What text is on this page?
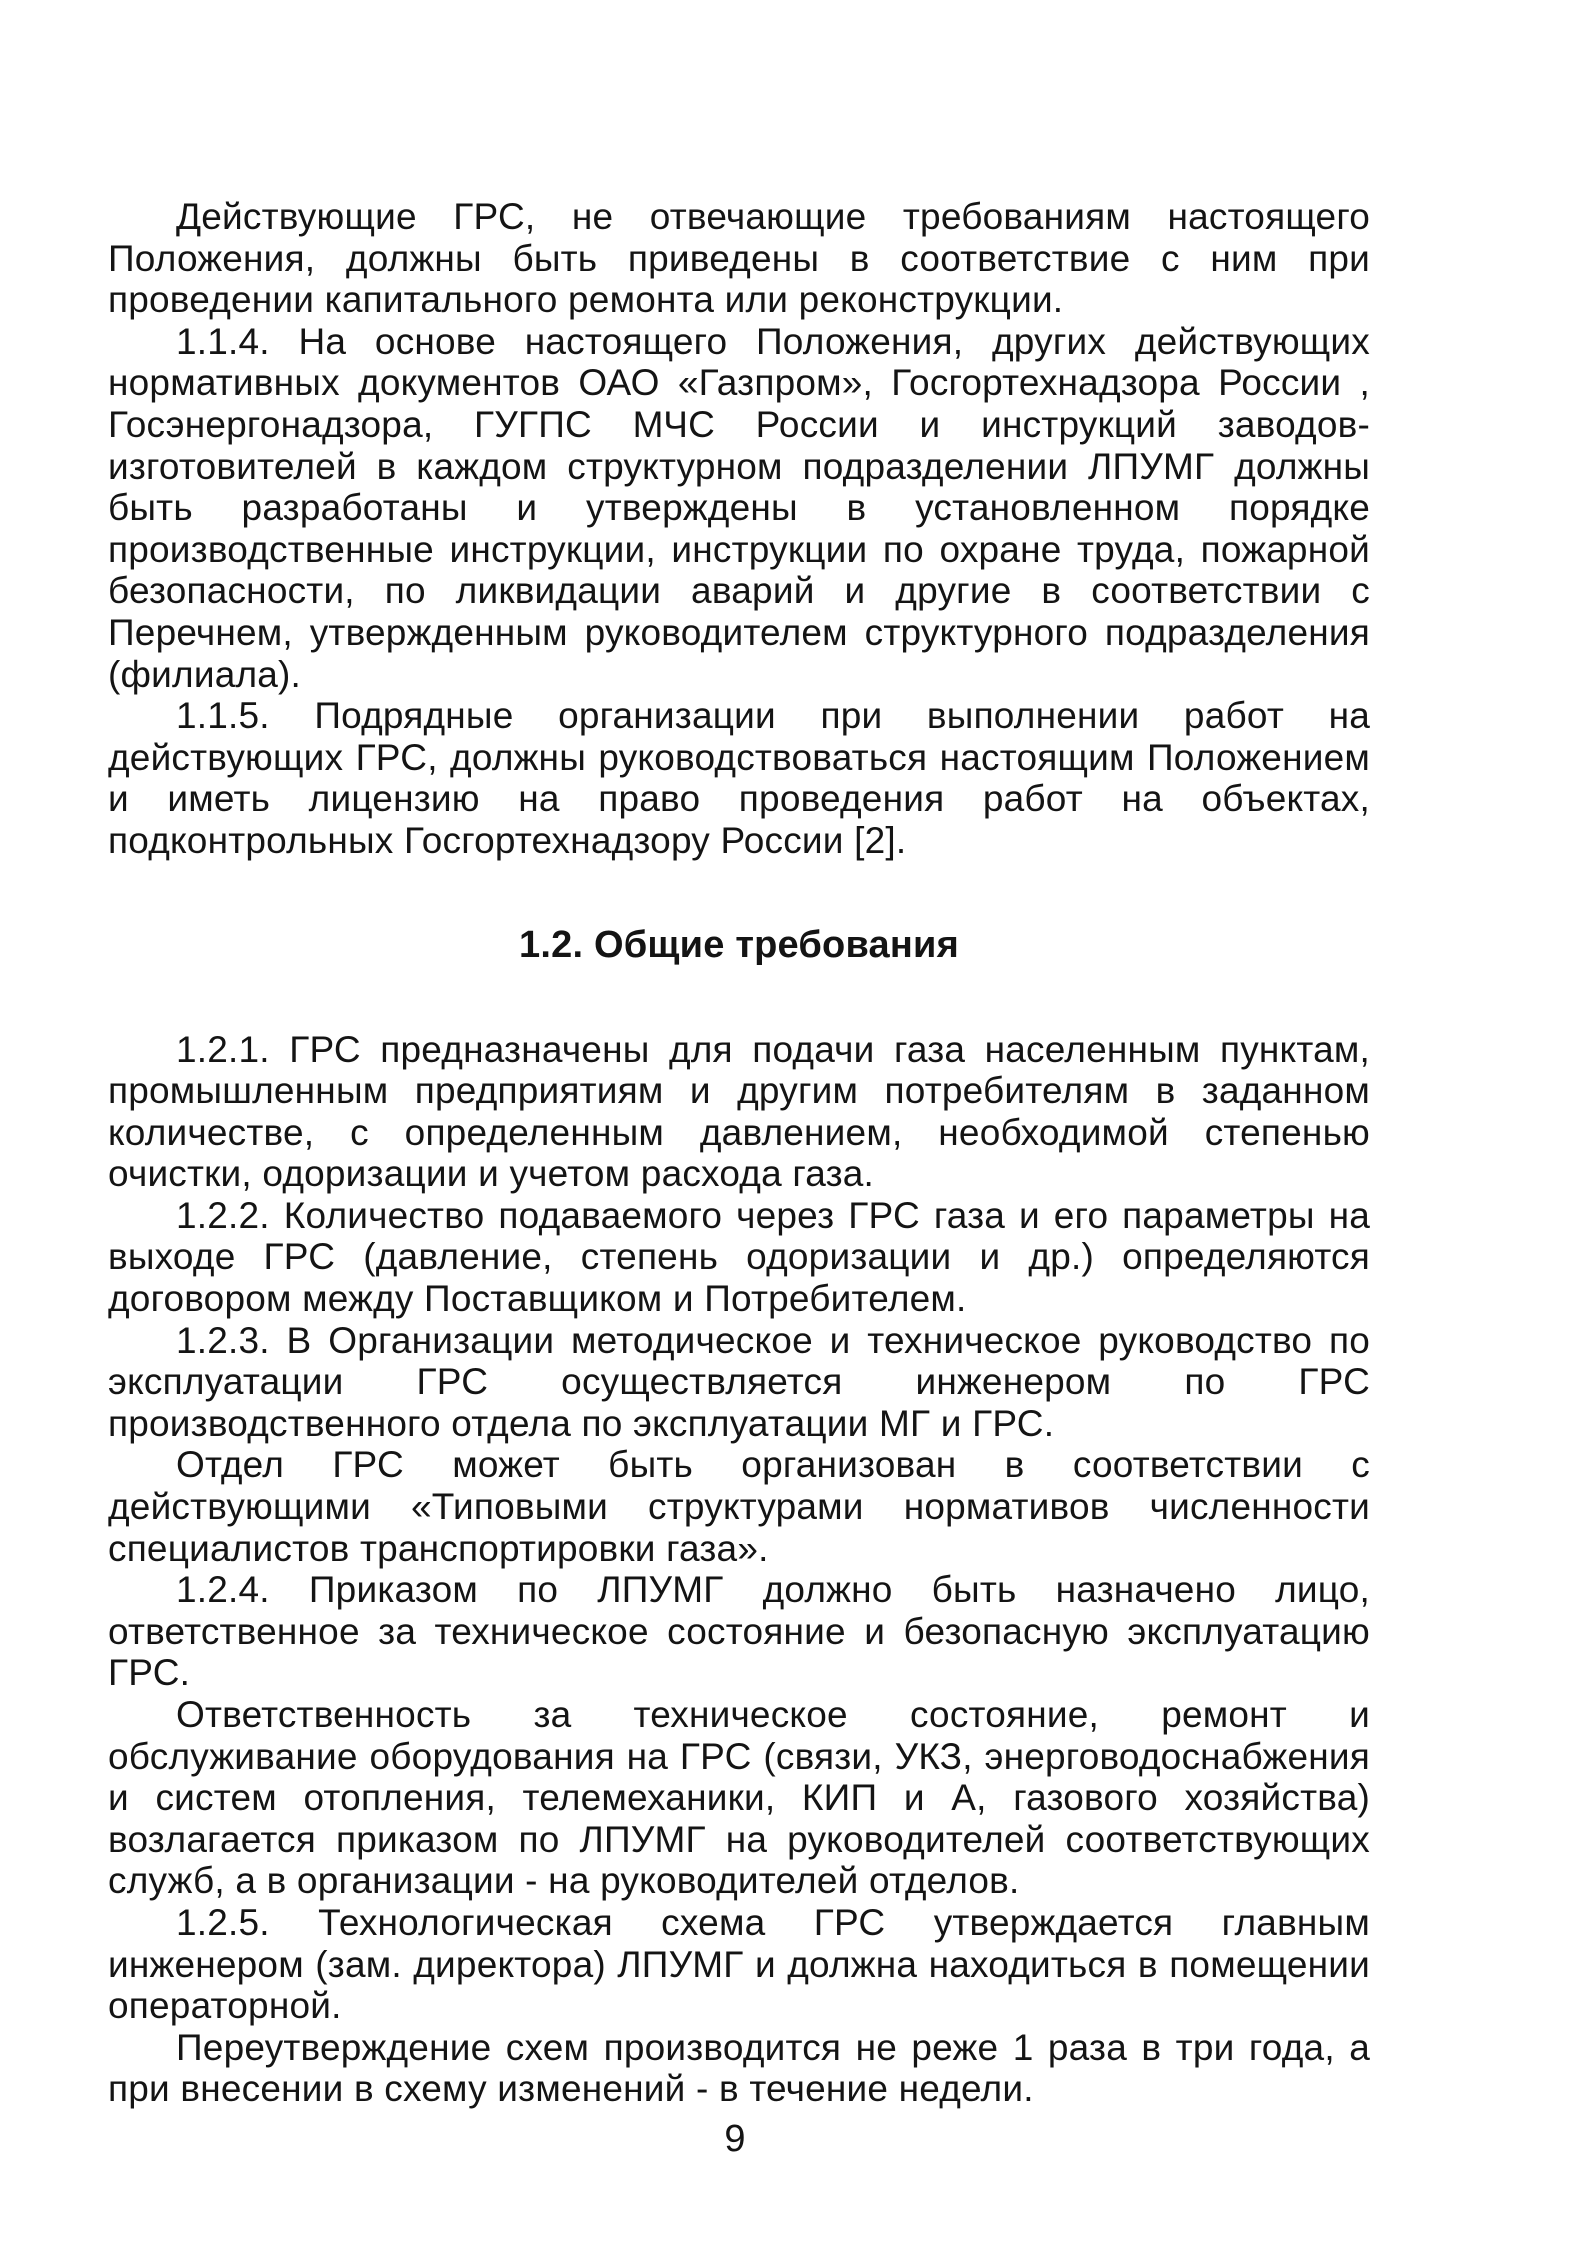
Действующие ГРС, не отвечающие требованиям настоящего Положения, должны быть приведены в соответствие с ним при проведении капитального ремонта или реконструкции.

1.1.4. На основе настоящего Положения, других действующих нормативных документов ОАО «Газпром», Госгортехнадзора России , Госэнергонадзора, ГУГПС МЧС России и инструкций заводов-изготовителей в каждом структурном подразделении ЛПУМГ должны быть разработаны и утверждены в установленном порядке производственные инструкции, инструкции по охране труда, пожарной безопасности, по ликвидации аварий и другие в соответствии с Перечнем, утвержденным руководителем структурного подразделения (филиала).

1.1.5. Подрядные организации при выполнении работ на действующих ГРС, должны руководствоваться настоящим Положением и иметь лицензию на право проведения работ на объектах, подконтрольных Госгортехнадзору России [2].

1.2. Общие требования

1.2.1. ГРС предназначены для подачи газа населенным пунктам, промышленным предприятиям и другим потребителям в заданном количестве, с определенным давлением, необходимой степенью очистки, одоризации и учетом расхода газа.

1.2.2. Количество подаваемого через ГРС газа и его параметры на выходе ГРС (давление, степень одоризации и др.) определяются договором между Поставщиком и Потребителем.

1.2.3. В Организации методическое и техническое руководство по эксплуатации ГРС осуществляется инженером по ГРС производственного отдела по эксплуатации МГ и ГРС.

Отдел ГРС может быть организован в соответствии с действующими «Типовыми структурами нормативов численности специалистов транспортировки газа».

1.2.4. Приказом по ЛПУМГ должно быть назначено лицо, ответственное за техническое состояние и безопасную эксплуатацию ГРС.

Ответственность за техническое состояние, ремонт и обслуживание оборудования на ГРС (связи, УКЗ, энерговодоснабжения и систем отопления, телемеханики, КИП и А, газового хозяйства) возлагается приказом по ЛПУМГ на руководителей соответствующих служб, а в организации - на руководителей отделов.

1.2.5. Технологическая схема ГРС утверждается главным инженером (зам. директора) ЛПУМГ и должна находиться в помещении операторной.

Переутверждение схем производится не реже 1 раза в три года, а при внесении в схему изменений - в течение недели.

9
